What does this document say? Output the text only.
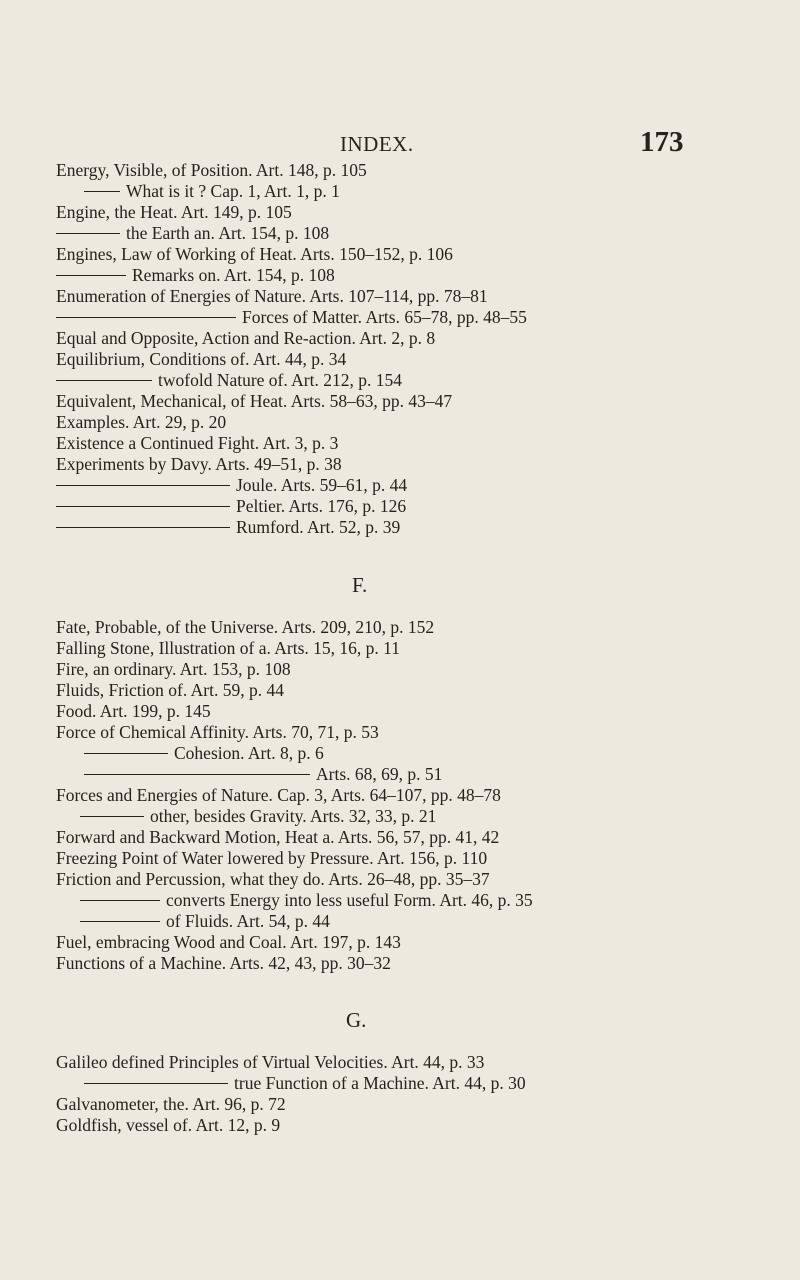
INDEX.	173
Energy, Visible, of Position. Art. 148, p. 105
What is it ? Cap. 1, Art. 1, p. 1
Engine, the Heat. Art. 149, p. 105
the Earth an. Art. 154, p. 108
Engines, Law of Working of Heat. Arts. 150–152, p. 106
Remarks on. Art. 154, p. 108
Enumeration of Energies of Nature. Arts. 107–114, pp. 78–81
Forces of Matter. Arts. 65–78, pp. 48–55
Equal and Opposite, Action and Re-action. Art. 2, p. 8
Equilibrium, Conditions of. Art. 44, p. 34
twofold Nature of. Art. 212, p. 154
Equivalent, Mechanical, of Heat. Arts. 58–63, pp. 43–47
Examples. Art. 29, p. 20
Existence a Continued Fight. Art. 3, p. 3
Experiments by Davy. Arts. 49–51, p. 38
Joule. Arts. 59–61, p. 44
Peltier. Arts. 176, p. 126
Rumford. Art. 52, p. 39
F.
Fate, Probable, of the Universe. Arts. 209, 210, p. 152
Falling Stone, Illustration of a. Arts. 15, 16, p. 11
Fire, an ordinary. Art. 153, p. 108
Fluids, Friction of. Art. 59, p. 44
Food. Art. 199, p. 145
Force of Chemical Affinity. Arts. 70, 71, p. 53
Cohesion. Art. 8, p. 6
Arts. 68, 69, p. 51
Forces and Energies of Nature. Cap. 3, Arts. 64–107, pp. 48–78
other, besides Gravity. Arts. 32, 33, p. 21
Forward and Backward Motion, Heat a. Arts. 56, 57, pp. 41, 42
Freezing Point of Water lowered by Pressure. Art. 156, p. 110
Friction and Percussion, what they do. Arts. 26–48, pp. 35–37
converts Energy into less useful Form. Art. 46, p. 35
of Fluids. Art. 54, p. 44
Fuel, embracing Wood and Coal. Art. 197, p. 143
Functions of a Machine. Arts. 42, 43, pp. 30–32
G.
Galileo defined Principles of Virtual Velocities. Art. 44, p. 33
true Function of a Machine. Art. 44, p. 30
Galvanometer, the. Art. 96, p. 72
Goldfish, vessel of. Art. 12, p. 9
